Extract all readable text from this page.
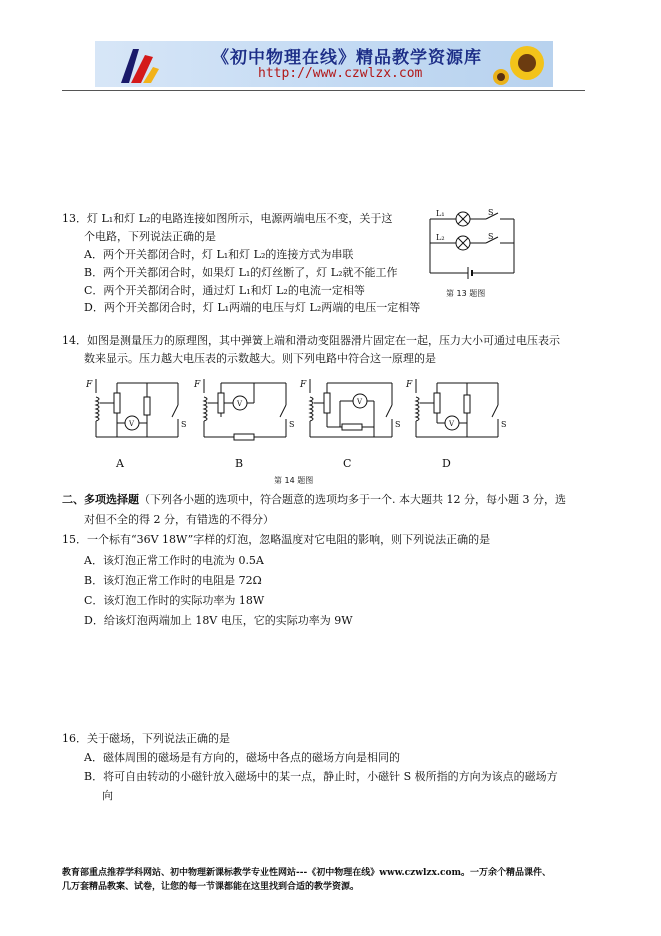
《初中物理在线》精品教学资源库
http://www.czwlzx.com
13．灯 L₁和灯 L₂的电路连接如图所示，电源两端电压不变，关于这
个电路，下列说法正确的是
A．两个开关都闭合时，灯 L₁和灯 L₂的连接方式为串联
B．两个开关都闭合时，如果灯 L₁的灯丝断了，灯 L₂就不能工作
C．两个开关都闭合时，通过灯 L₁和灯 L₂的电流一定相等
D．两个开关都闭合时，灯 L₁两端的电压与灯 L₂两端的电压一定相等
L₁
L₂
S
S
第 13 题图
14．如图是测量压力的原理图，其中弹簧上端和滑动变阻器滑片固定在一起，压力大小可通过电压表示
数来显示。压力越大电压表的示数越大。则下列电路中符合这一原理的是
F
V	S
F
V
S
F
V
S
F
V	S
A	B	C	D
第 14 题图
二、多项选择题（下列各小题的选项中，符合题意的选项均多于一个. 本大题共 12 分，每小题 3 分，选
对但不全的得 2 分，有错选的不得分）
15．一个标有“36V 18W”字样的灯泡，忽略温度对它电阻的影响，则下列说法正确的是
A．该灯泡正常工作时的电流为 0.5A
B．该灯泡正常工作时的电阻是 72Ω
C．该灯泡工作时的实际功率为 18W
D．给该灯泡两端加上 18V 电压，它的实际功率为 9W
16．关于磁场，下列说法正确的是
A．磁体周围的磁场是有方向的，磁场中各点的磁场方向是相同的
B．将可自由转动的小磁针放入磁场中的某一点，静止时，小磁针 S 极所指的方向为该点的磁场方
向
教育部重点推荐学科网站、初中物理新课标教学专业性网站---《初中物理在线》www.czwlzx.com。一万余个精品课件、
几万套精品教案、试卷，让您的每一节课都能在这里找到合适的教学资源。
